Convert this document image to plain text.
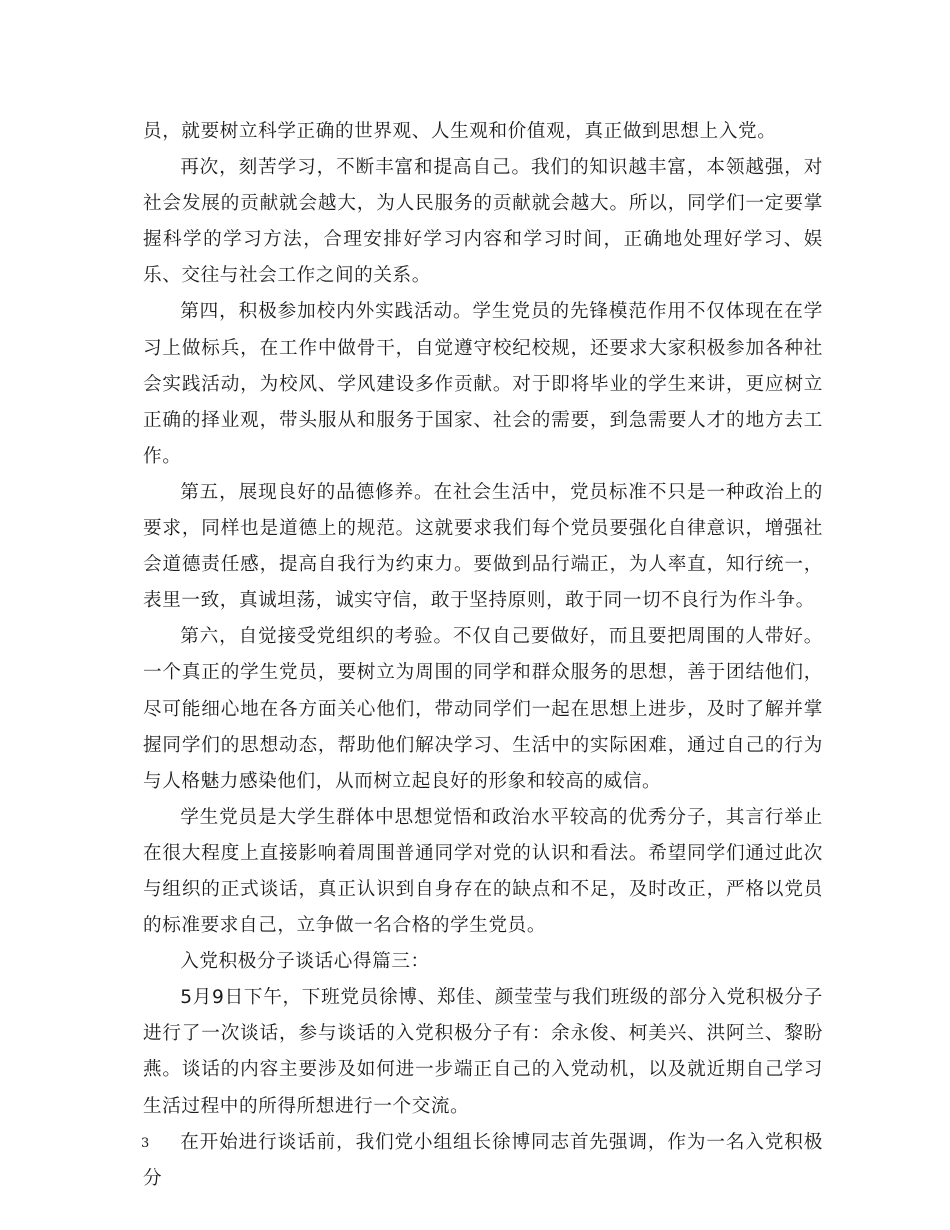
员，就要树立科学正确的世界观、人生观和价值观，真正做到思想上入党。

再次，刻苦学习，不断丰富和提高自己。我们的知识越丰富，本领越强，对社会发展的贡献就会越大，为人民服务的贡献就会越大。所以，同学们一定要掌握科学的学习方法，合理安排好学习内容和学习时间，正确地处理好学习、娱乐、交往与社会工作之间的关系。

第四，积极参加校内外实践活动。学生党员的先锋模范作用不仅体现在在学习上做标兵，在工作中做骨干，自觉遵守校纪校规，还要求大家积极参加各种社会实践活动，为校风、学风建设多作贡献。对于即将毕业的学生来讲，更应树立正确的择业观，带头服从和服务于国家、社会的需要，到急需要人才的地方去工作。

第五，展现良好的品德修养。在社会生活中，党员标准不只是一种政治上的要求，同样也是道德上的规范。这就要求我们每个党员要强化自律意识，增强社会道德责任感，提高自我行为约束力。要做到品行端正，为人率直，知行统一，表里一致，真诚坦荡，诚实守信，敢于坚持原则，敢于同一切不良行为作斗争。

第六，自觉接受党组织的考验。不仅自己要做好，而且要把周围的人带好。一个真正的学生党员，要树立为周围的同学和群众服务的思想，善于团结他们，尽可能细心地在各方面关心他们，带动同学们一起在思想上进步，及时了解并掌握同学们的思想动态，帮助他们解决学习、生活中的实际困难，通过自己的行为与人格魅力感染他们，从而树立起良好的形象和较高的威信。

学生党员是大学生群体中思想觉悟和政治水平较高的优秀分子，其言行举止在很大程度上直接影响着周围普通同学对党的认识和看法。希望同学们通过此次与组织的正式谈话，真正认识到自身存在的缺点和不足，及时改正，严格以党员的标准要求自己，立争做一名合格的学生党员。

入党积极分子谈话心得篇三：

5月9日下午，下班党员徐博、郑佳、颜莹莹与我们班级的部分入党积极分子进行了一次谈话，参与谈话的入党积极分子有：余永俊、柯美兴、洪阿兰、黎盼燕。谈话的内容主要涉及如何进一步端正自己的入党动机，以及就近期自己学习生活过程中的所得所想进行一个交流。

在开始进行谈话前，我们党小组组长徐博同志首先强调，作为一名入党积极分

3
